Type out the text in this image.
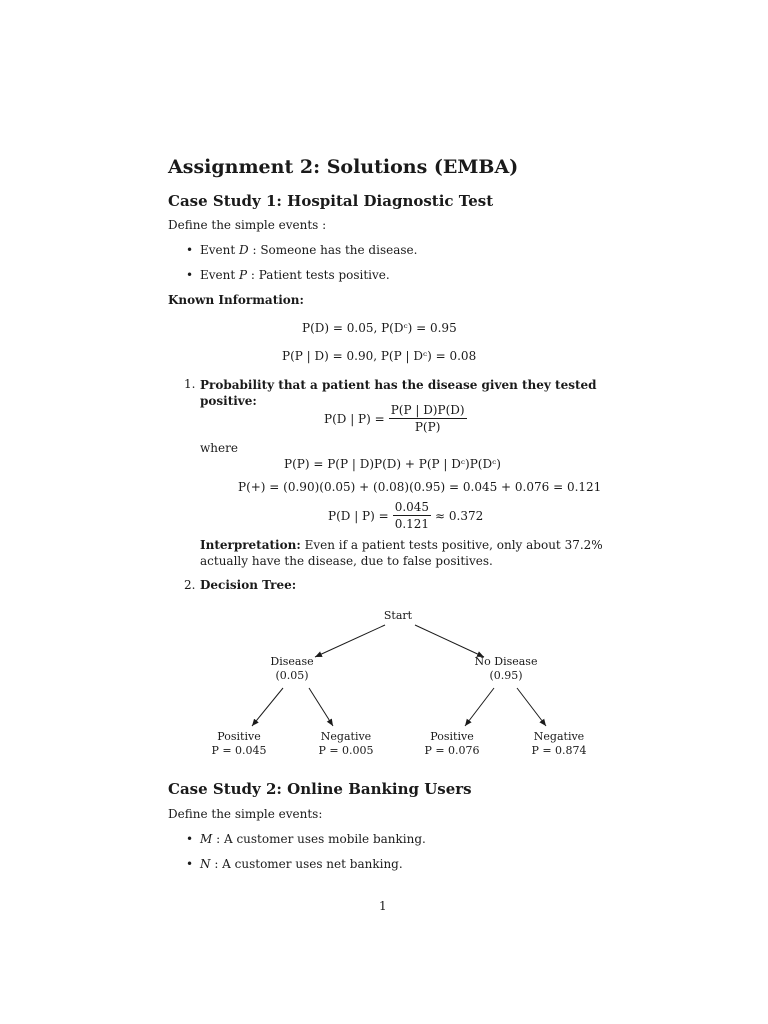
Assignment 2: Solutions (EMBA)
Case Study 1: Hospital Diagnostic Test
Define the simple events :
• Event D : Someone has the disease.
• Event P : Patient tests positive.
Known Information:
P(D) = 0.05, P(Dᶜ) = 0.95
P(P | D) = 0.90, P(P | Dᶜ) = 0.08
1. Probability that a patient has the disease given they tested positive:
P(D | $P) = \frac{P(P | D)P(D)}{P(P)}$
where
P(P) = P(P | D)P(D) + P(P | Dᶜ)P(Dᶜ)
P(+) = (0.90)(0.05) + (0.08)(0.95) = 0.045 + 0.076 = 0.121
P(D | $P) = \frac{0.045}{0.121} \approx 0.372$
Interpretation: Even if a patient tests positive, only about 37.2% actually have the disease, due to false positives.
2. Decision Tree:
Start
Disease
(0.05)
No Disease
(0.95)
Positive
P = 0.045
Negative
P = 0.005
Positive
P = 0.076
Negative
P = 0.874
Case Study 2: Online Banking Users
Define the simple events:
• M : A customer uses mobile banking.
• N : A customer uses net banking.
1
